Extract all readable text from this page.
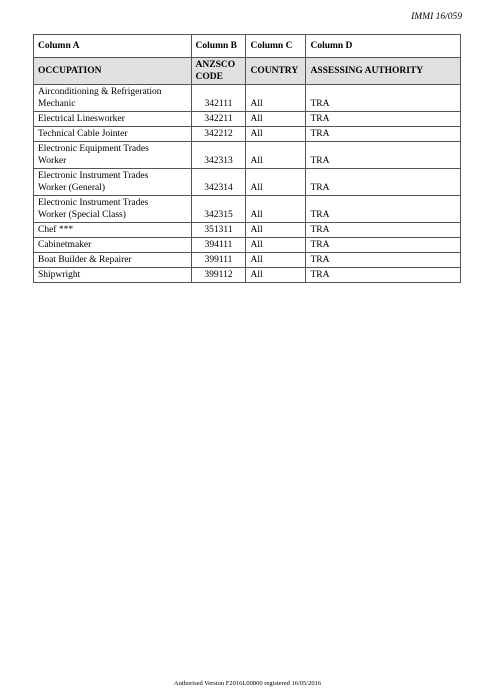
IMMI 16/059
Column A	Column B	Column C	Column D
OCCUPATION	ANZSCO CODE	COUNTRY	ASSESSING AUTHORITY

Airconditioning & Refrigeration
Mechanic	342111	All	TRA

Electrical Linesworker	342211	All	TRA

Technical Cable Jointer	342212	All	TRA

Electronic Equipment Trades
Worker	342313	All	TRA

Electronic Instrument Trades
Worker (General)	342314	All	TRA

Electronic Instrument Trades
Worker (Special Class)	342315	All	TRA

Chef ***	351311	All	TRA

Cabinetmaker	394111	All	TRA

Boat Builder & Repairer	399111	All	TRA

Shipwright	399112	All	TRA
Authorised Version F2016L00800 registered 16/05/2016
